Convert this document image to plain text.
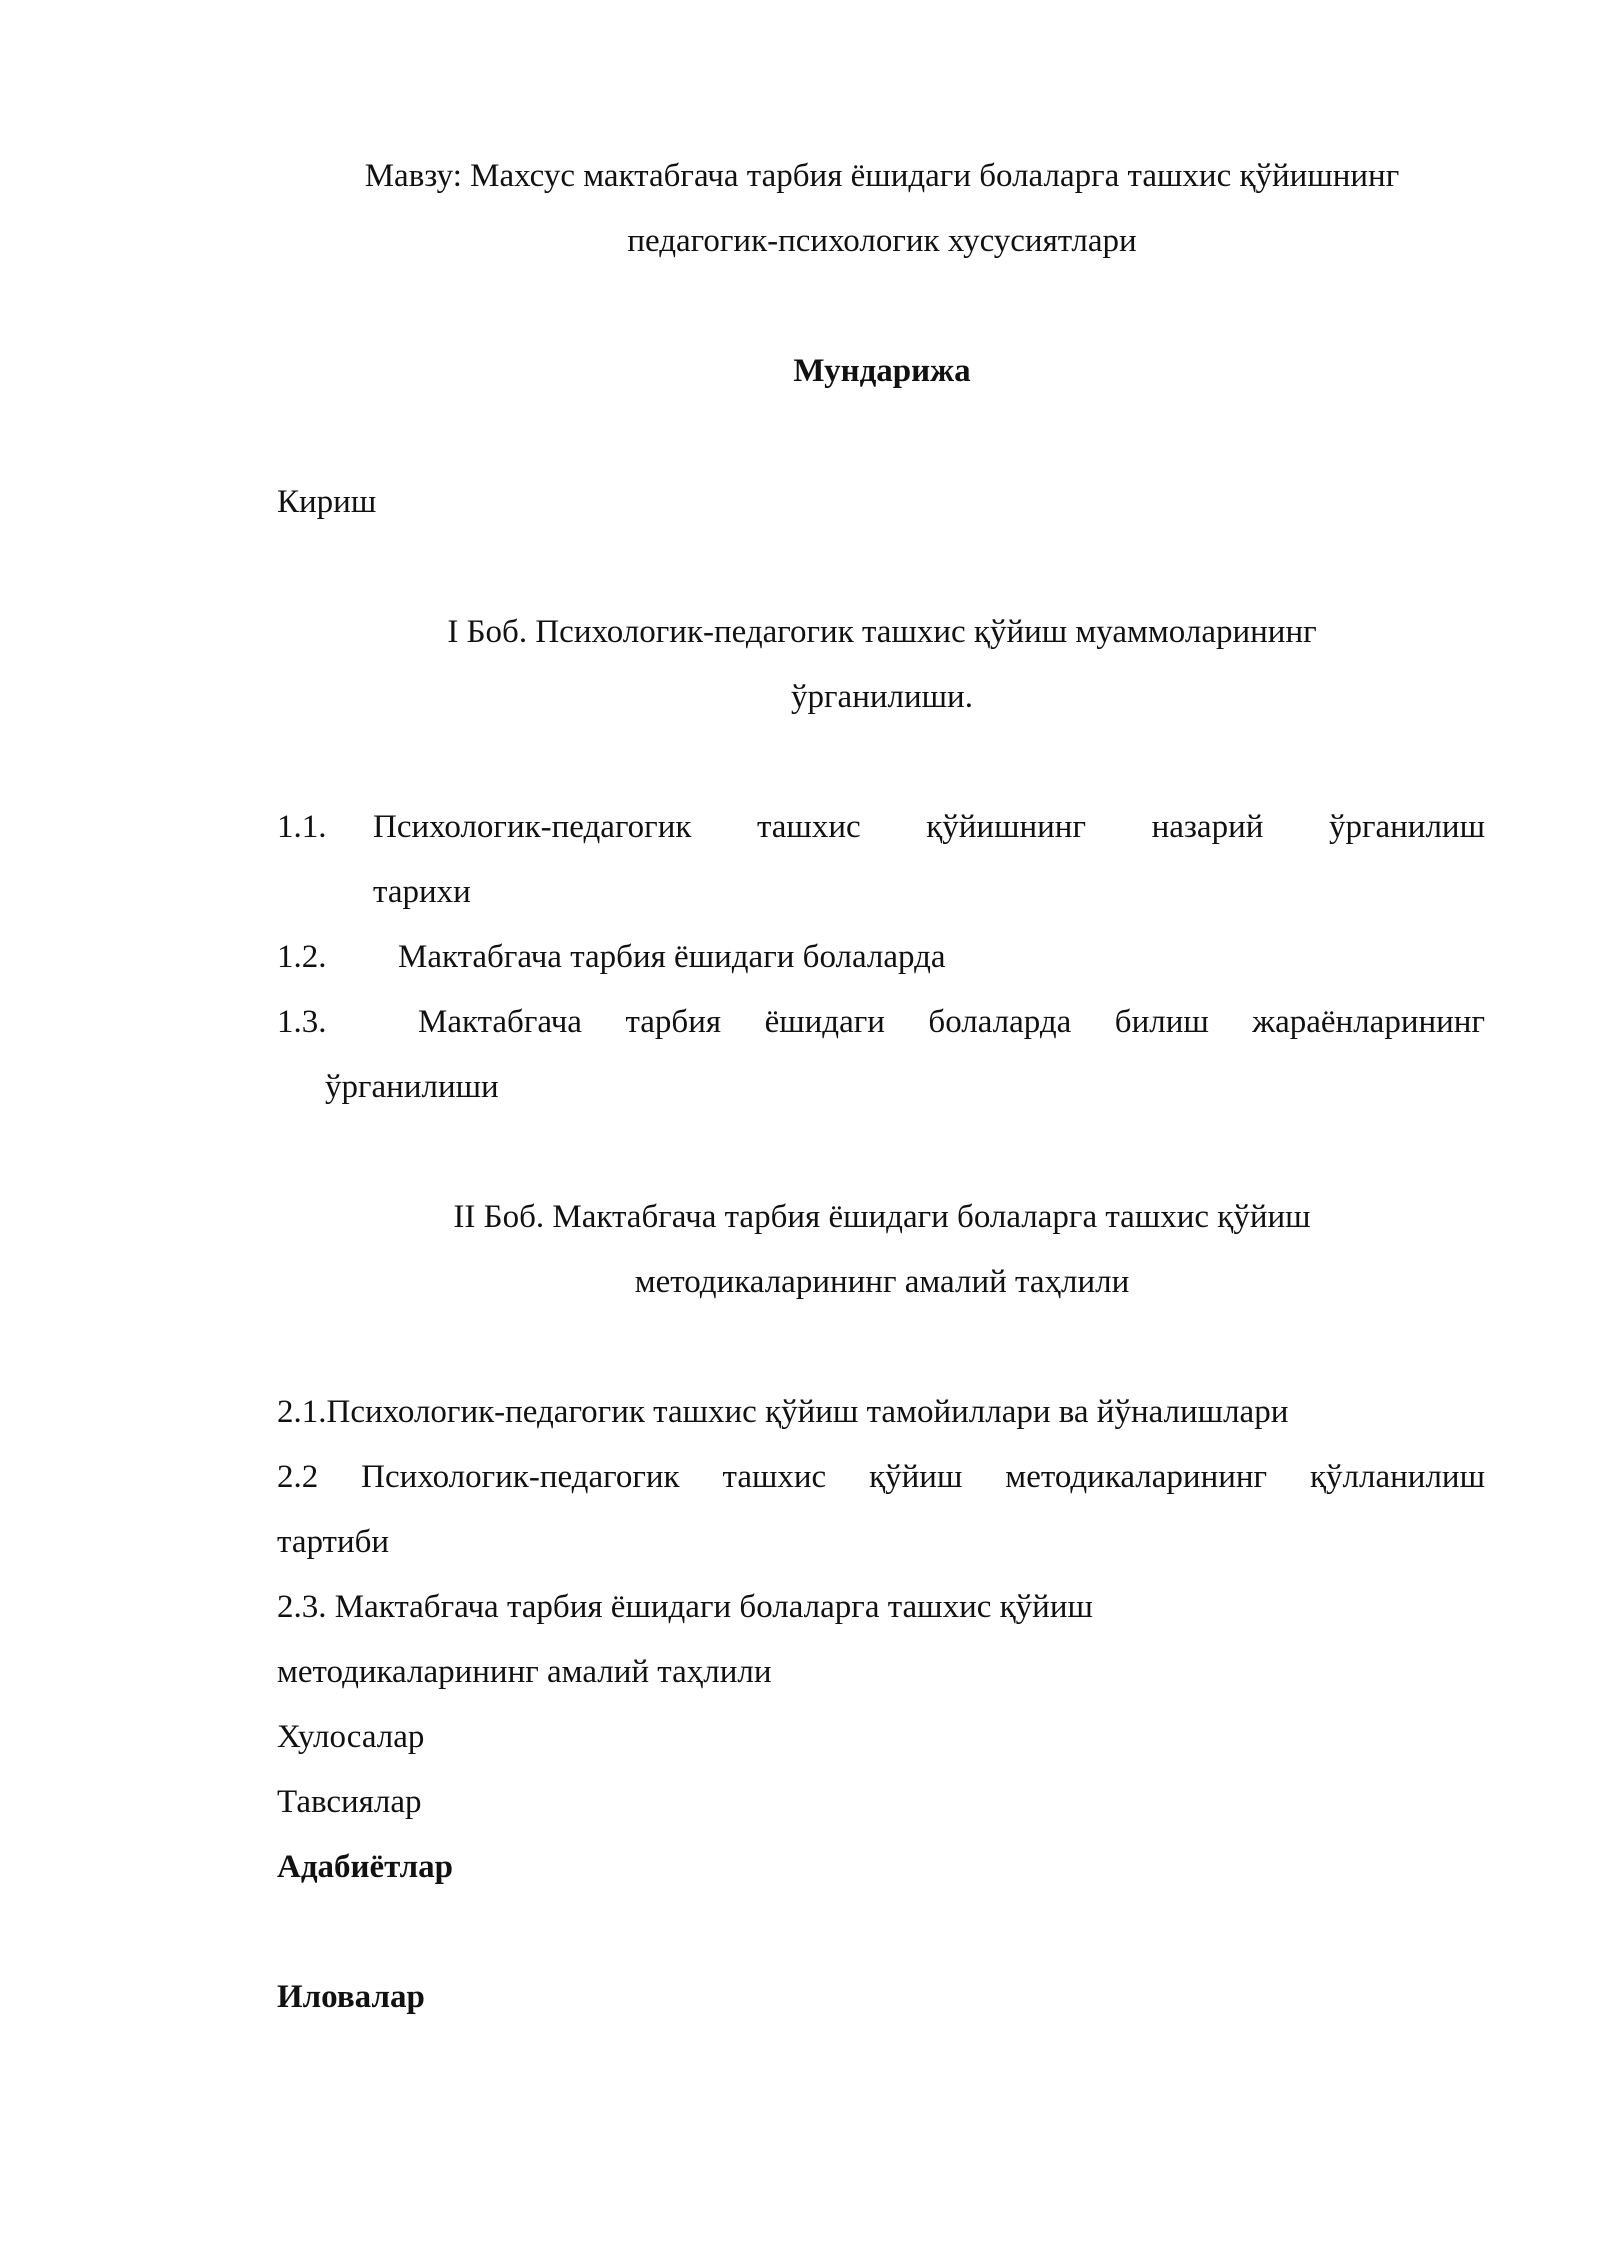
Мавзу: Махсус мактабгача тарбия ёшидаги болаларга ташхис қўйишнинг
педагогик-психологик хусусиятлари
Мундарижа
Кириш
I Боб. Психологик-педагогик ташхис қўйиш муаммоларининг
ўрганилиши.
1.1. Психологик-педагогик ташхис қўйишнинг назарий ўрганилиш
тарихи
1.2. Мактабгача тарбия ёшидаги болаларда
1.3.	Мактабгача тарбия ёшидаги болаларда билиш жараёнларининг
ўрганилиши
II Боб. Мактабгача тарбия ёшидаги болаларга ташхис қўйиш
методикаларининг амалий таҳлили
2.1.Психологик-педагогик ташхис қўйиш тамойиллари ва йўналишлари
2.2 Психологик-педагогик ташхис қўйиш методикаларининг қўлланилиш
тартиби
2.3. Мактабгача тарбия ёшидаги болаларга ташхис қўйиш
методикаларининг амалий таҳлили
Хулосалар
Тавсиялар
Адабиётлар
Иловалар
